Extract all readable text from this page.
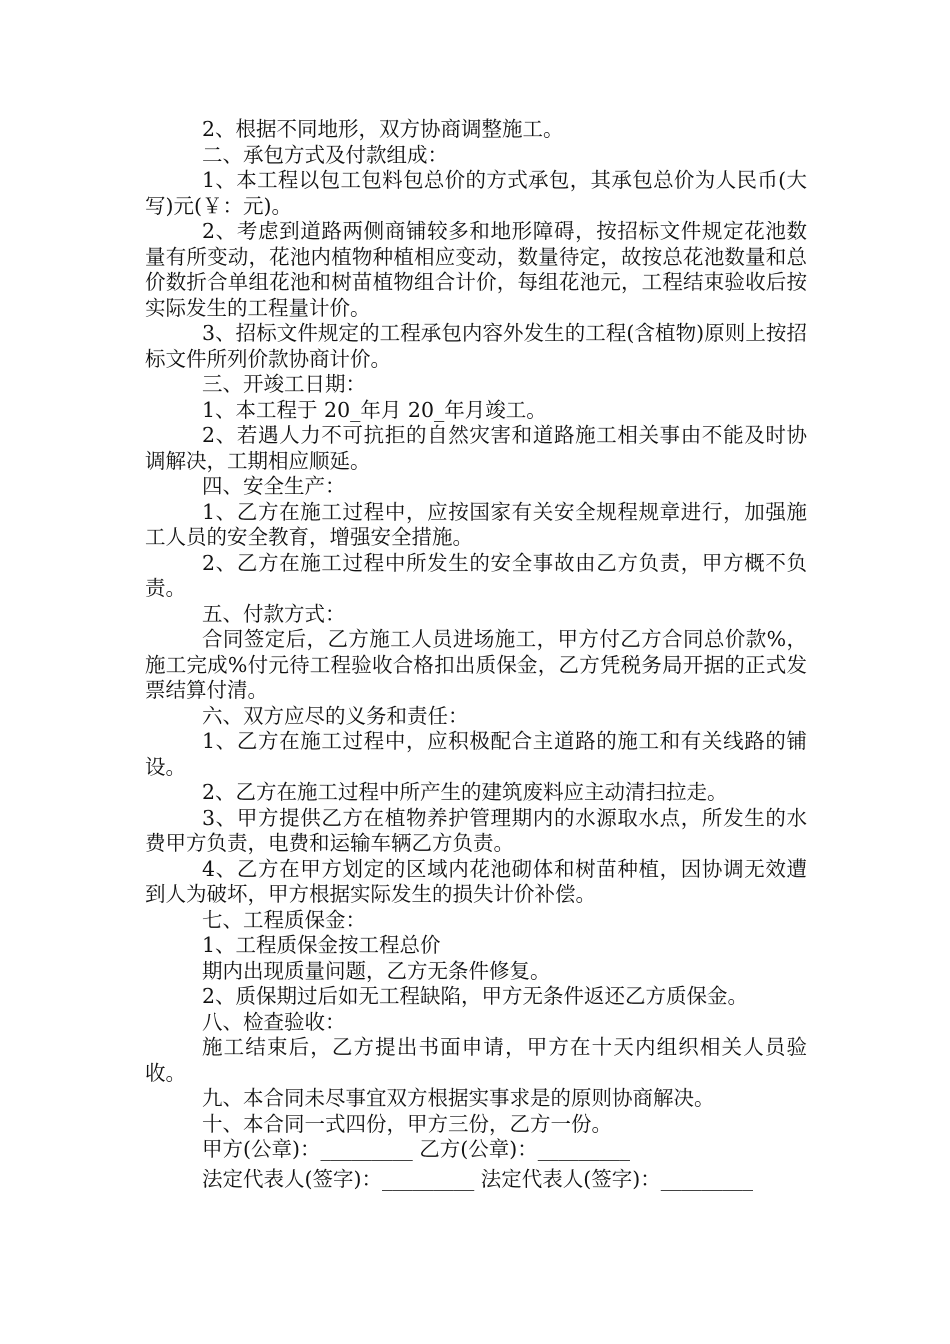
2、根据不同地形，双方协商调整施工。

二、承包方式及付款组成：

1、本工程以包工包料包总价的方式承包，其承包总价为人民币(大写)元(￥：元)。

2、考虑到道路两侧商铺较多和地形障碍，按招标文件规定花池数量有所变动，花池内植物种植相应变动，数量待定，故按总花池数量和总价数折合单组花池和树苗植物组合计价，每组花池元，工程结束验收后按实际发生的工程量计价。

3、招标文件规定的工程承包内容外发生的工程(含植物)原则上按招标文件所列价款协商计价。

三、开竣工日期：

1、本工程于 20_年月 20_年月竣工。

2、若遇人力不可抗拒的自然灾害和道路施工相关事由不能及时协调解决，工期相应顺延。

四、安全生产：

1、乙方在施工过程中，应按国家有关安全规程规章进行，加强施工人员的安全教育，增强安全措施。

2、乙方在施工过程中所发生的安全事故由乙方负责，甲方概不负责。

五、付款方式：

合同签定后，乙方施工人员进场施工，甲方付乙方合同总价款%，施工完成%付元待工程验收合格扣出质保金，乙方凭税务局开据的正式发票结算付清。

六、双方应尽的义务和责任：

1、乙方在施工过程中，应积极配合主道路的施工和有关线路的铺设。

2、乙方在施工过程中所产生的建筑废料应主动清扫拉走。

3、甲方提供乙方在植物养护管理期内的水源取水点，所发生的水费甲方负责，电费和运输车辆乙方负责。

4、乙方在甲方划定的区域内花池砌体和树苗种植，因协调无效遭到人为破坏，甲方根据实际发生的损失计价补偿。

七、工程质保金：

1、工程质保金按工程总价

期内出现质量问题，乙方无条件修复。

2、质保期过后如无工程缺陷，甲方无条件返还乙方质保金。

八、检查验收：

施工结束后，乙方提出书面申请，甲方在十天内组织相关人员验收。

九、本合同未尽事宜双方根据实事求是的原则协商解决。

十、本合同一式四份，甲方三份，乙方一份。

甲方(公章)：_________ 乙方(公章)：_________

法定代表人(签字)：_________ 法定代表人(签字)：_________
